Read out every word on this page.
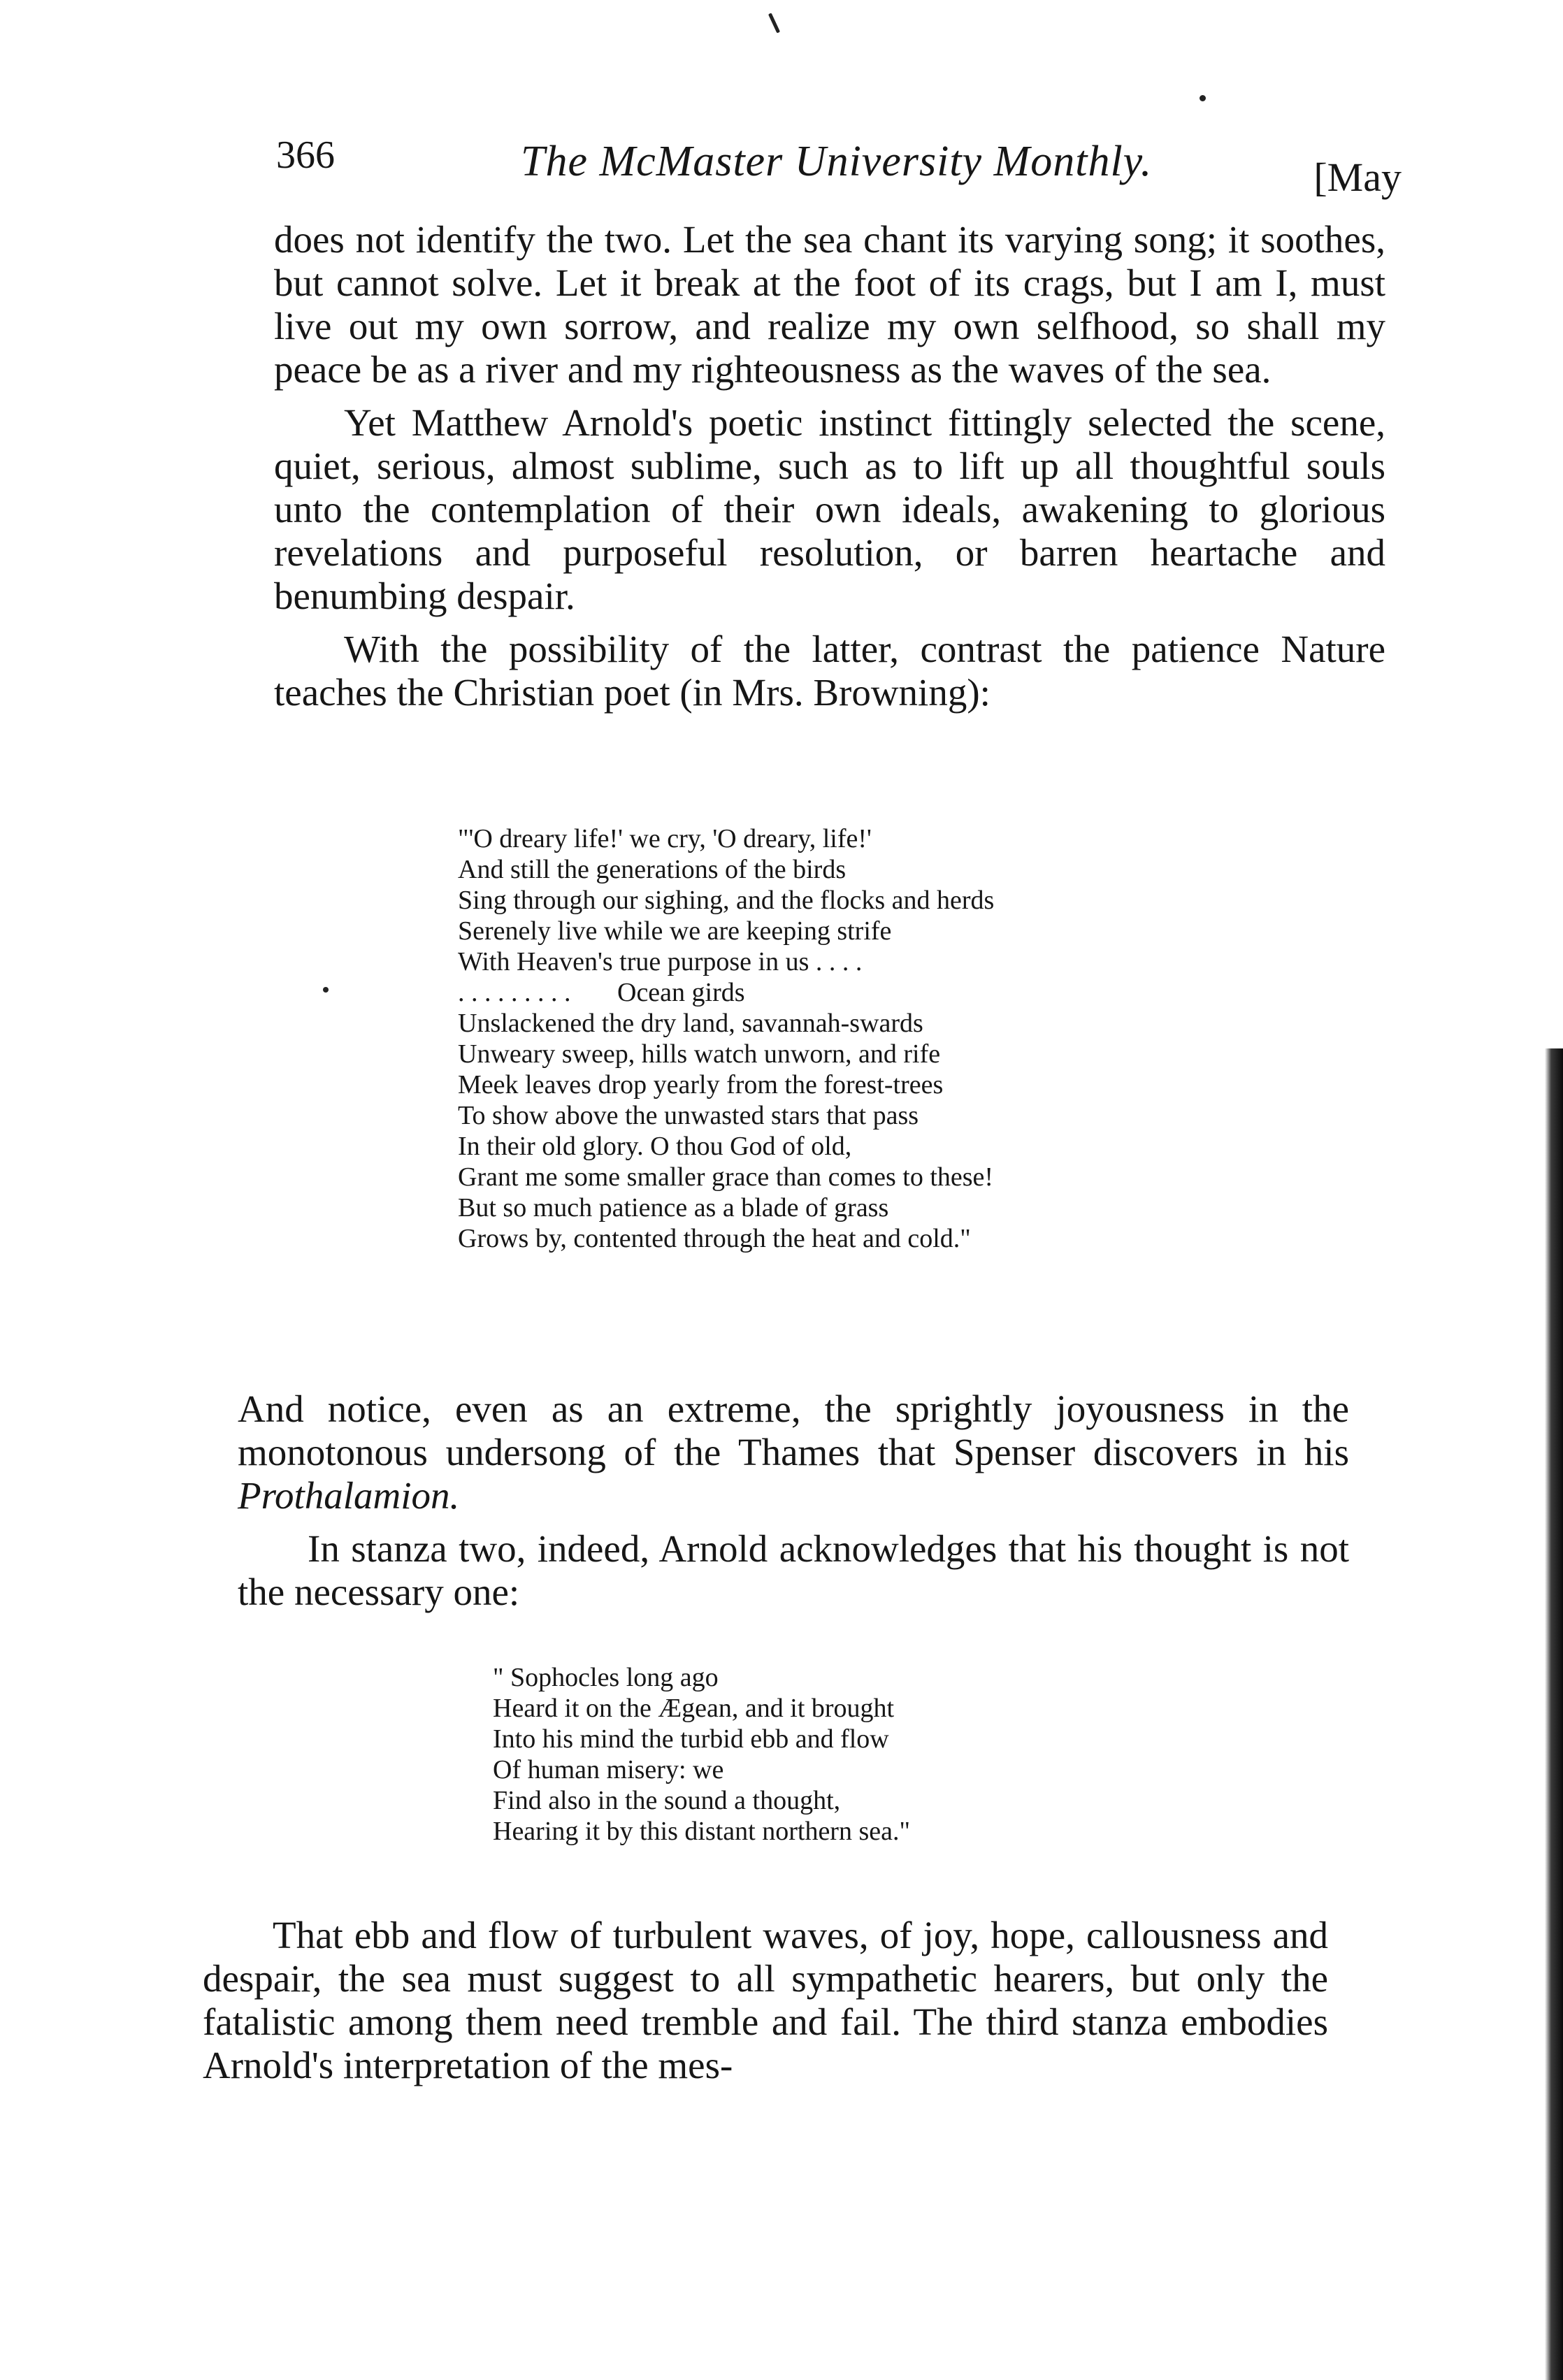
366	The McMaster University Monthly.	[May

does not identify the two. Let the sea chant its varying song; it soothes, but cannot solve. Let it break at the foot of its crags, but I am I, must live out my own sorrow, and realize my own selfhood, so shall my peace be as a river and my righteousness as the waves of the sea.

Yet Matthew Arnold's poetic instinct fittingly selected the scene, quiet, serious, almost sublime, such as to lift up all thoughtful souls unto the contemplation of their own ideals, awakening to glorious revelations and purposeful resolution, or barren heartache and benumbing despair.

With the possibility of the latter, contrast the patience Nature teaches the Christian poet (in Mrs. Browning):

"'O dreary life!' we cry, 'O dreary, life!'
And still the generations of the birds
Sing through our sighing, and the flocks and herds
Serenely live while we are keeping strife
With Heaven's true purpose in us . . . .
. . . . . . . . .       Ocean girds
Unslackened the dry land, savannah-swards
Unweary sweep, hills watch unworn, and rife
Meek leaves drop yearly from the forest-trees
To show above the unwasted stars that pass
In their old glory. O thou God of old,
Grant me some smaller grace than comes to these!
But so much patience as a blade of grass
Grows by, contented through the heat and cold."

And notice, even as an extreme, the sprightly joyousness in the monotonous undersong of the Thames that Spenser discovers in his Prothalamion.

In stanza two, indeed, Arnold acknowledges that his thought is not the necessary one:

" Sophocles long ago
Heard it on the Ægean, and it brought
Into his mind the turbid ebb and flow
Of human misery: we
Find also in the sound a thought,
Hearing it by this distant northern sea."

That ebb and flow of turbulent waves, of joy, hope, callousness and despair, the sea must suggest to all sympathetic hearers, but only the fatalistic among them need tremble and fail. The third stanza embodies Arnold's interpretation of the mes-
